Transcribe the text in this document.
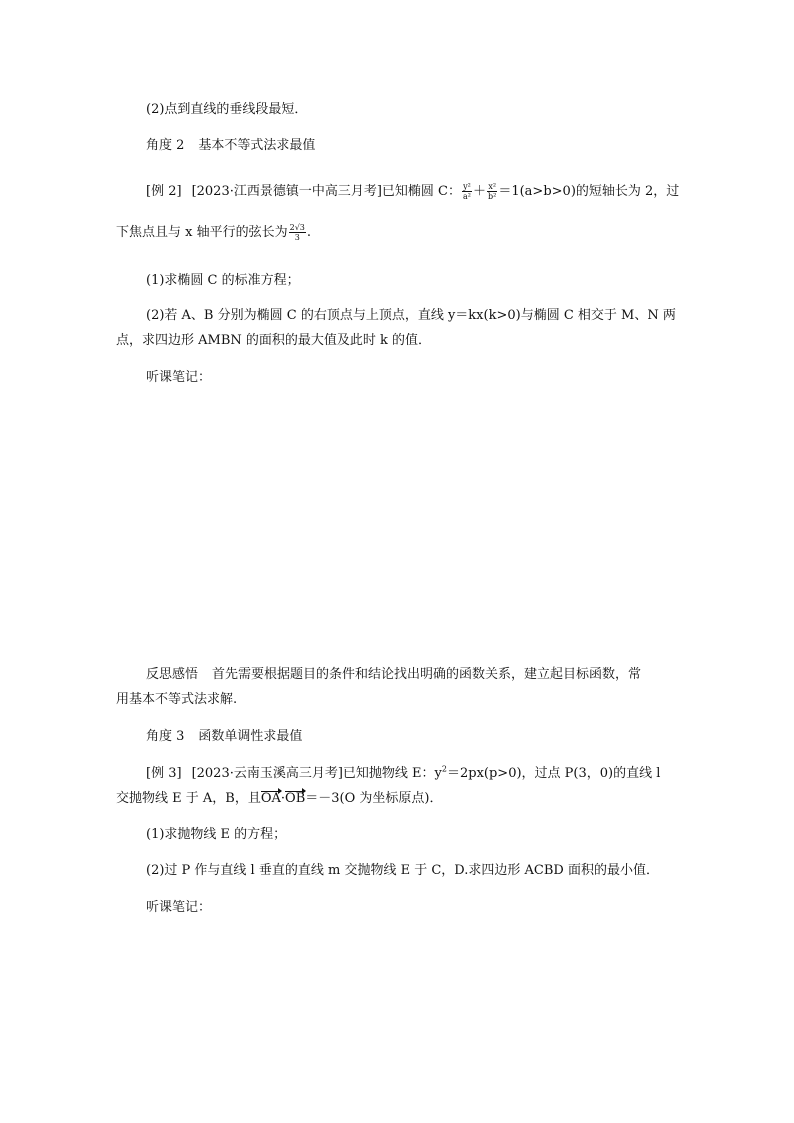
(2)点到直线的垂线段最短．
角度 2 基本不等式法求最值
[例 2] [2023·江西景德镇一中高三月考]已知椭圆 C： $\frac{\text{y²}}{\text{a²}} + \frac{\text{x²}}{\text{b²}} =1(a>b>0)$的短轴长为 2，过
下焦点且与 x 轴平行的弦长为 $\frac{2√3}{3}$ .
(1)求椭圆 C 的标准方程；
(2)若 A、B 分别为椭圆 C 的右顶点与上顶点，直线 y＝kx(k>0)与椭圆 C 相交于 M、N 两
点，求四边形 AMBN 的面积的最大值及此时 k 的值．
听课笔记：
反思感悟 首先需要根据题目的条件和结论找出明确的函数关系，建立起目标函数，常
用基本不等式法求解.
角度 3 函数单调性求最值
[例 3] [2023·云南玉溪高三月考]已知抛物线 E：$y^2=2px(p>0)$，过点 P(3，0)的直线 l
交抛物线 E 于 A，B，且OA·OB＝－3(O 为坐标原点)．
(1)求抛物线 E 的方程；
(2)过 P 作与直线 l 垂直的直线 m 交抛物线 E 于 C，D.求四边形 ACBD 面积的最小值．
听课笔记：
